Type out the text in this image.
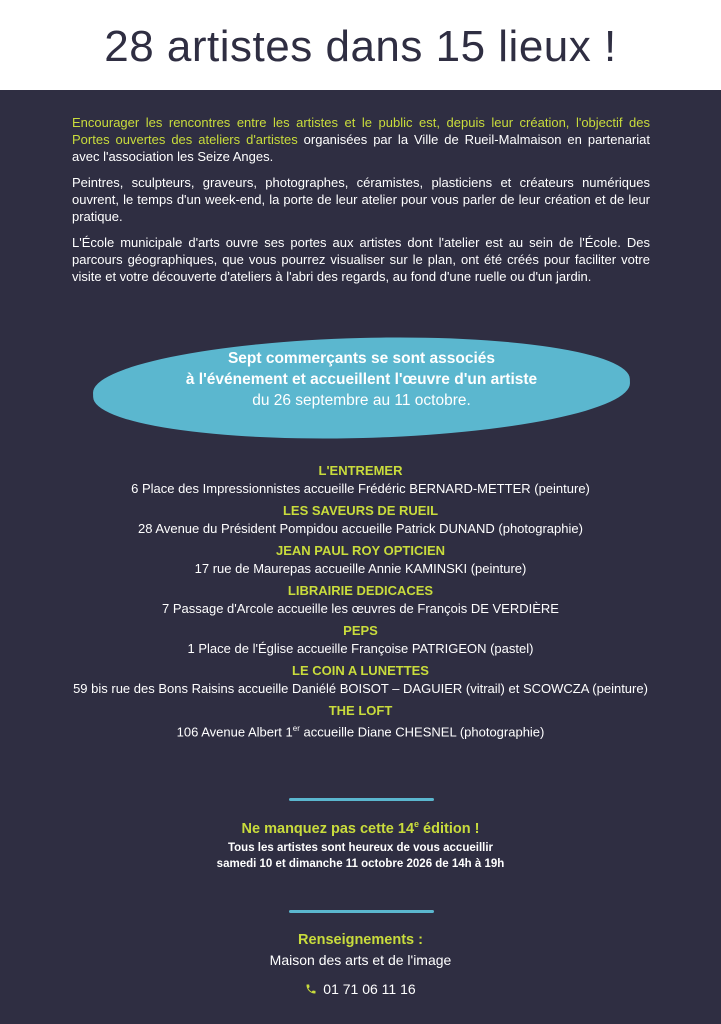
28 artistes dans 15 lieux !

Encourager les rencontres entre les artistes et le public est, depuis leur création, l'objectif des Portes ouvertes des ateliers d'artistes organisées par la Ville de Rueil-Malmaison en partenariat avec l'association les Seize Anges.

Peintres, sculpteurs, graveurs, photographes, céramistes, plasticiens et créateurs numériques ouvrent, le temps d'un week-end, la porte de leur atelier pour vous parler de leur création et de leur pratique.

L'École municipale d'arts ouvre ses portes aux artistes dont l'atelier est au sein de l'École. Des parcours géographiques, que vous pourrez visualiser sur le plan, ont été créés pour faciliter votre visite et votre découverte d'ateliers à l'abri des regards, au fond d'une ruelle ou d'un jardin.

Sept commerçants se sont associés
à l'événement et accueillent l'œuvre d'un artiste
du 26 septembre au 11 octobre.
L'ENTREMER
6 Place des Impressionnistes accueille Frédéric BERNARD-METTER (peinture)
LES SAVEURS DE RUEIL
28 Avenue du Président Pompidou accueille Patrick DUNAND (photographie)
JEAN PAUL ROY OPTICIEN
17 rue de Maurepas accueille Annie KAMINSKI (peinture)
LIBRAIRIE DEDICACES
7 Passage d'Arcole accueille les œuvres de François DE VERDIÈRE
PEPS
1 Place de l'Église accueille Françoise PATRIGEON (pastel)
LE COIN A LUNETTES
59 bis rue des Bons Raisins accueille Daniélé BOISOT – DAGUIER (vitrail) et SCOWCZA (peinture)
THE LOFT
106 Avenue Albert 1er accueille Diane CHESNEL (photographie)
Ne manquez pas cette 14e édition !
Tous les artistes sont heureux de vous accueillir
samedi 10 et dimanche 11 octobre 2026 de 14h à 19h
Renseignements :
Maison des arts et de l'image
01 71 06 11 16
